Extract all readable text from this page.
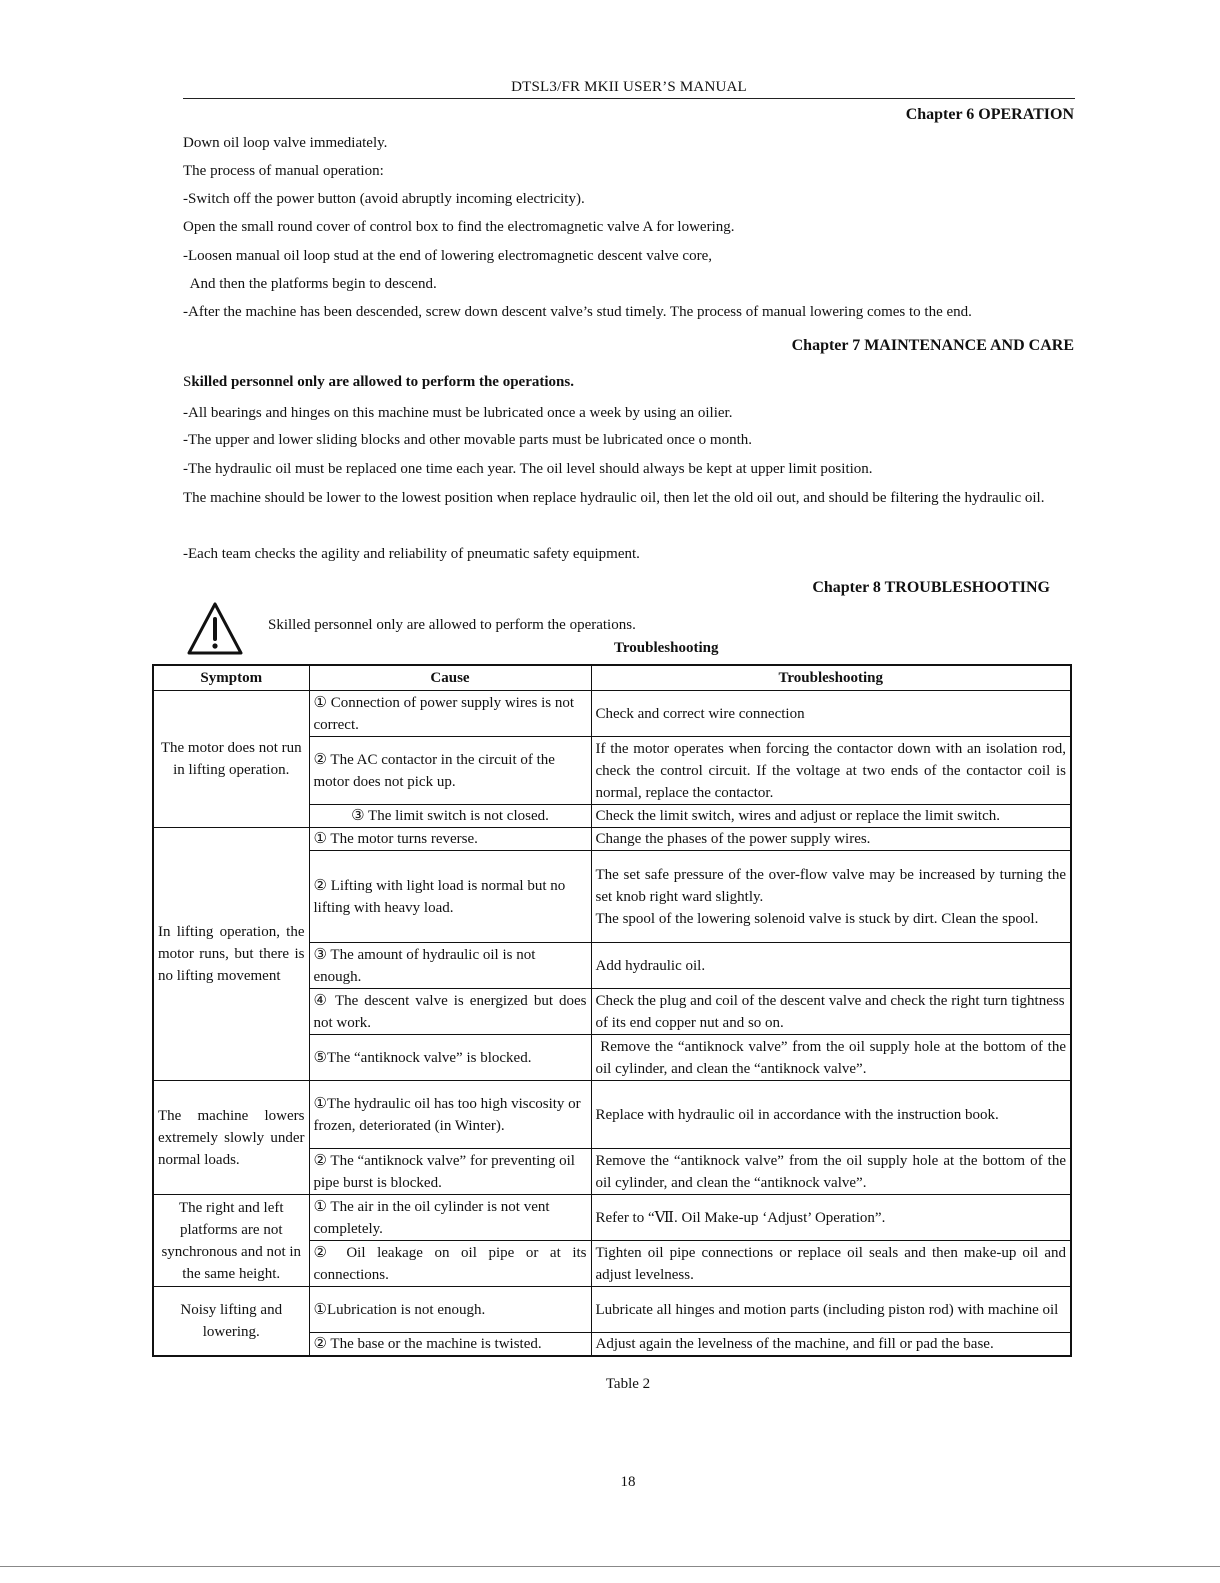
DTSL3/FR MKII USER’S MANUAL
Chapter 6 OPERATION
Down oil loop valve immediately.
The process of manual operation:
-Switch off the power button (avoid abruptly incoming electricity).
Open the small round cover of control box to find the electromagnetic valve A for lowering.
-Loosen manual oil loop stud at the end of lowering electromagnetic descent valve core,
And then the platforms begin to descend.
-After the machine has been descended, screw down descent valve’s stud timely. The process of manual lowering comes to the end.
Chapter 7 MAINTENANCE AND CARE
Skilled personnel only are allowed to perform the operations.
-All bearings and hinges on this machine must be lubricated once a week by using an oilier.
-The upper and lower sliding blocks and other movable parts must be lubricated once o month.
-The hydraulic oil must be replaced one time each year. The oil level should always be kept at upper limit position.
The machine should be lower to the lowest position when replace hydraulic oil, then let the old oil out, and should be filtering the hydraulic oil.
-Each team checks the agility and reliability of pneumatic safety equipment.
Chapter 8 TROUBLESHOOTING
Skilled personnel only are allowed to perform the operations.
Troubleshooting
Symptom	Cause	Troubleshooting
The motor does not run in lifting operation.	① Connection of power supply wires is not correct.	Check and correct wire connection
	② The AC contactor in the circuit of the motor does not pick up.	If the motor operates when forcing the contactor down with an isolation rod, check the control circuit. If the voltage at two ends of the contactor coil is normal, replace the contactor.
	③ The limit switch is not closed.	Check the limit switch, wires and adjust or replace the limit switch.
In lifting operation, the motor runs, but there is no lifting movement	① The motor turns reverse.	Change the phases of the power supply wires.
	② Lifting with light load is normal but no lifting with heavy load.	The set safe pressure of the over-flow valve may be increased by turning the set knob right ward slightly.
The spool of the lowering solenoid valve is stuck by dirt. Clean the spool.

	③ The amount of hydraulic oil is not enough.	Add hydraulic oil.
	④ The descent valve is energized but does not work.	Check the plug and coil of the descent valve and check the right turn tightness of its end copper nut and so on.
	⑤The “antiknock valve” is blocked.	Remove the “antiknock valve” from the oil supply hole at the bottom of the oil cylinder, and clean the “antiknock valve”.
The machine lowers extremely slowly under normal loads.	①The hydraulic oil has too high viscosity or frozen, deteriorated (in Winter).	Replace with hydraulic oil in accordance with the instruction book.
	② The “antiknock valve” for preventing oil pipe burst is blocked.	Remove the “antiknock valve” from the oil supply hole at the bottom of the oil cylinder, and clean the “antiknock valve”.
The right and left platforms are not synchronous and not in the same height.	① The air in the oil cylinder is not vent completely.	Refer to “Ⅶ. Oil Make-up ‘Adjust’ Operation”.
	② Oil leakage on oil pipe or at its connections.	Tighten oil pipe connections or replace oil seals and then make-up oil and adjust levelness.
Noisy lifting and lowering.	①Lubrication is not enough.	Lubricate all hinges and motion parts (including piston rod) with machine oil
	② The base or the machine is twisted.	Adjust again the levelness of the machine, and fill or pad the base.
Table 2
18
